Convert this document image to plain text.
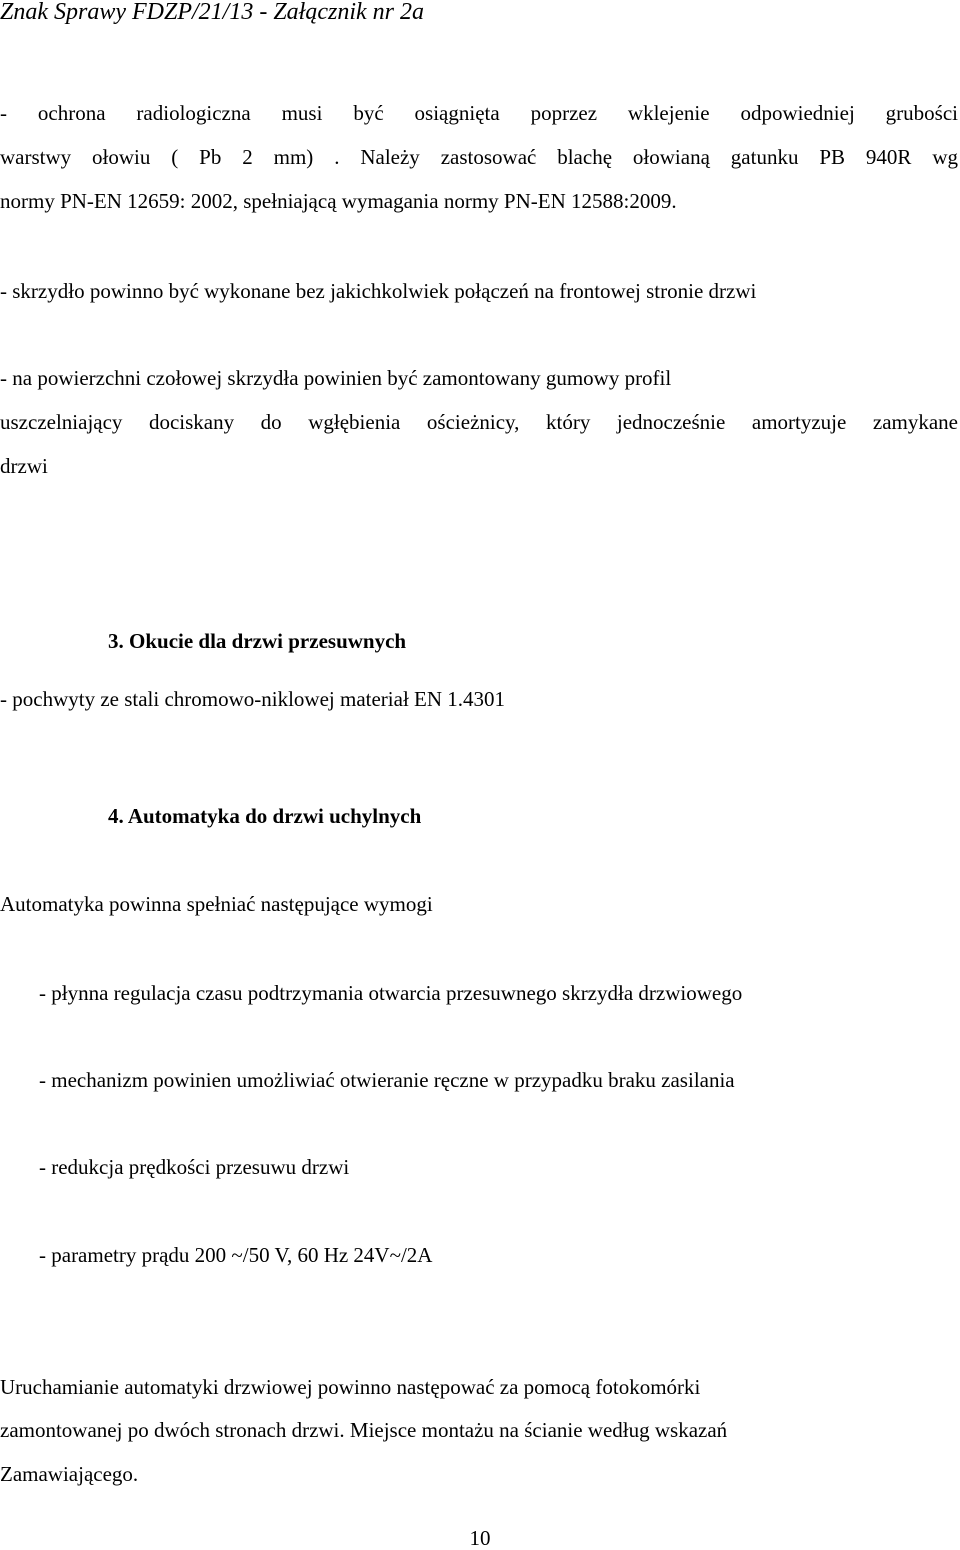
Znak Sprawy FDZP/21/13 - Załącznik nr 2a
- ochrona radiologiczna musi być osiągnięta poprzez wklejenie odpowiedniej grubości
warstwy ołowiu ( Pb 2 mm) . Należy zastosować blachę ołowianą gatunku PB 940R wg
normy PN-EN 12659: 2002, spełniającą wymagania normy PN-EN 12588:2009.
- skrzydło powinno być wykonane bez jakichkolwiek połączeń na frontowej stronie drzwi
- na powierzchni czołowej skrzydła powinien być zamontowany gumowy profil
uszczelniający dociskany do wgłębienia ościeżnicy, który jednocześnie amortyzuje zamykane
drzwi
3. Okucie dla drzwi przesuwnych
- pochwyty ze stali chromowo-niklowej materiał EN 1.4301
4. Automatyka do drzwi uchylnych
Automatyka powinna spełniać następujące wymogi
- płynna regulacja czasu podtrzymania otwarcia przesuwnego skrzydła drzwiowego
- mechanizm powinien umożliwiać otwieranie ręczne w przypadku braku zasilania
- redukcja prędkości przesuwu drzwi
- parametry prądu 200 ~/50 V, 60 Hz 24V~/2A
Uruchamianie automatyki drzwiowej powinno następować za pomocą fotokomórki
zamontowanej po dwóch stronach drzwi. Miejsce montażu na ścianie według wskazań
Zamawiającego.
10
